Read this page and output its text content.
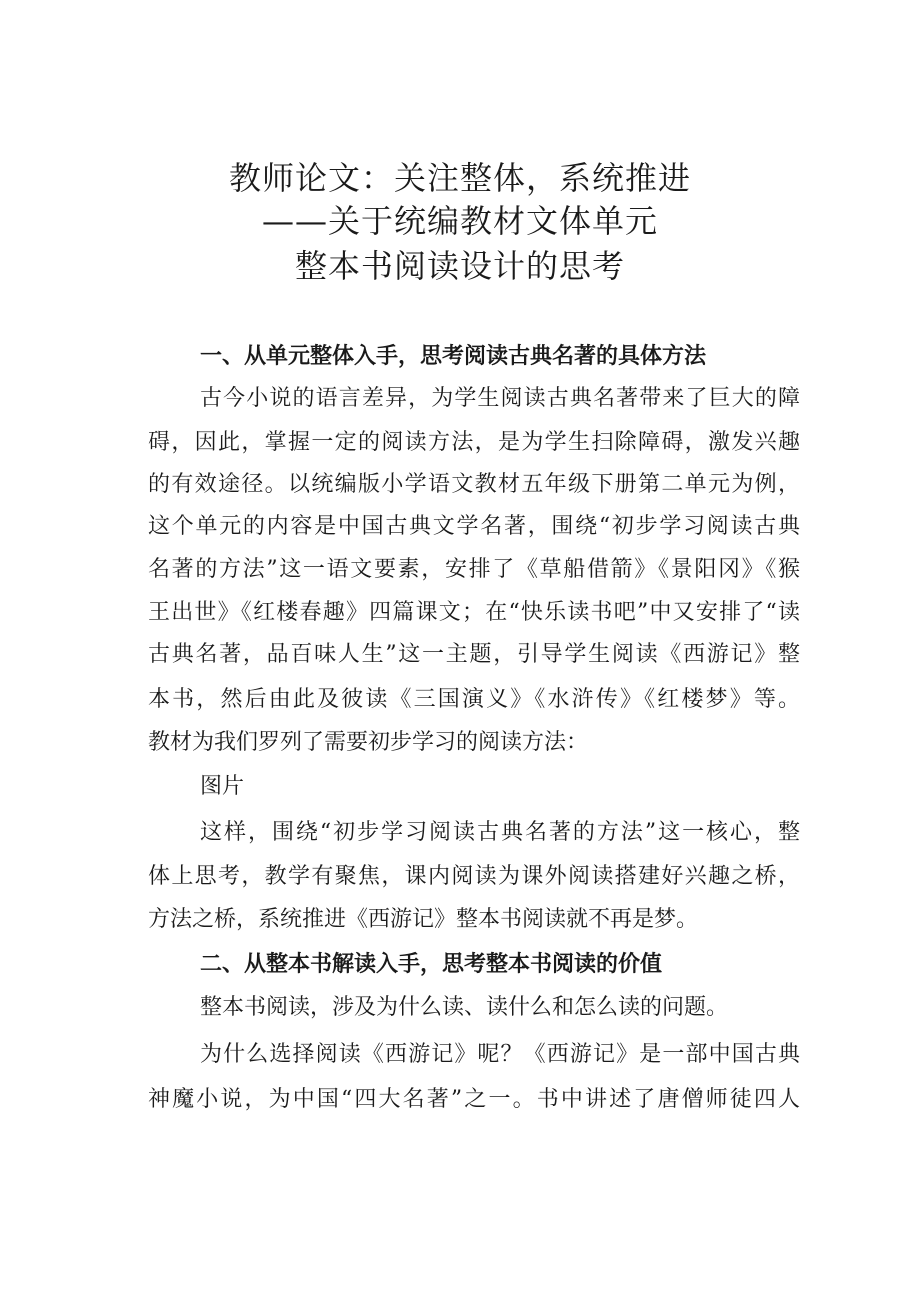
教师论文：关注整体，系统推进
——关于统编教材文体单元
整本书阅读设计的思考
一、从单元整体入手，思考阅读古典名著的具体方法
古今小说的语言差异，为学生阅读古典名著带来了巨大的障
碍，因此，掌握一定的阅读方法，是为学生扫除障碍，激发兴趣
的有效途径。以统编版小学语文教材五年级下册第二单元为例，
这个单元的内容是中国古典文学名著，围绕“初步学习阅读古典
名著的方法”这一语文要素，安排了《草船借箭》《景阳冈》《猴
王出世》《红楼春趣》四篇课文；在“快乐读书吧”中又安排了“读
古典名著，品百味人生”这一主题，引导学生阅读《西游记》整
本书，然后由此及彼读《三国演义》《水浒传》《红楼梦》等。
教材为我们罗列了需要初步学习的阅读方法：
图片
这样，围绕“初步学习阅读古典名著的方法”这一核心，整
体上思考，教学有聚焦，课内阅读为课外阅读搭建好兴趣之桥，
方法之桥，系统推进《西游记》整本书阅读就不再是梦。
二、从整本书解读入手，思考整本书阅读的价值
整本书阅读，涉及为什么读、读什么和怎么读的问题。
为什么选择阅读《西游记》呢？《西游记》是一部中国古典
神魔小说，为中国“四大名著”之一。书中讲述了唐僧师徒四人
